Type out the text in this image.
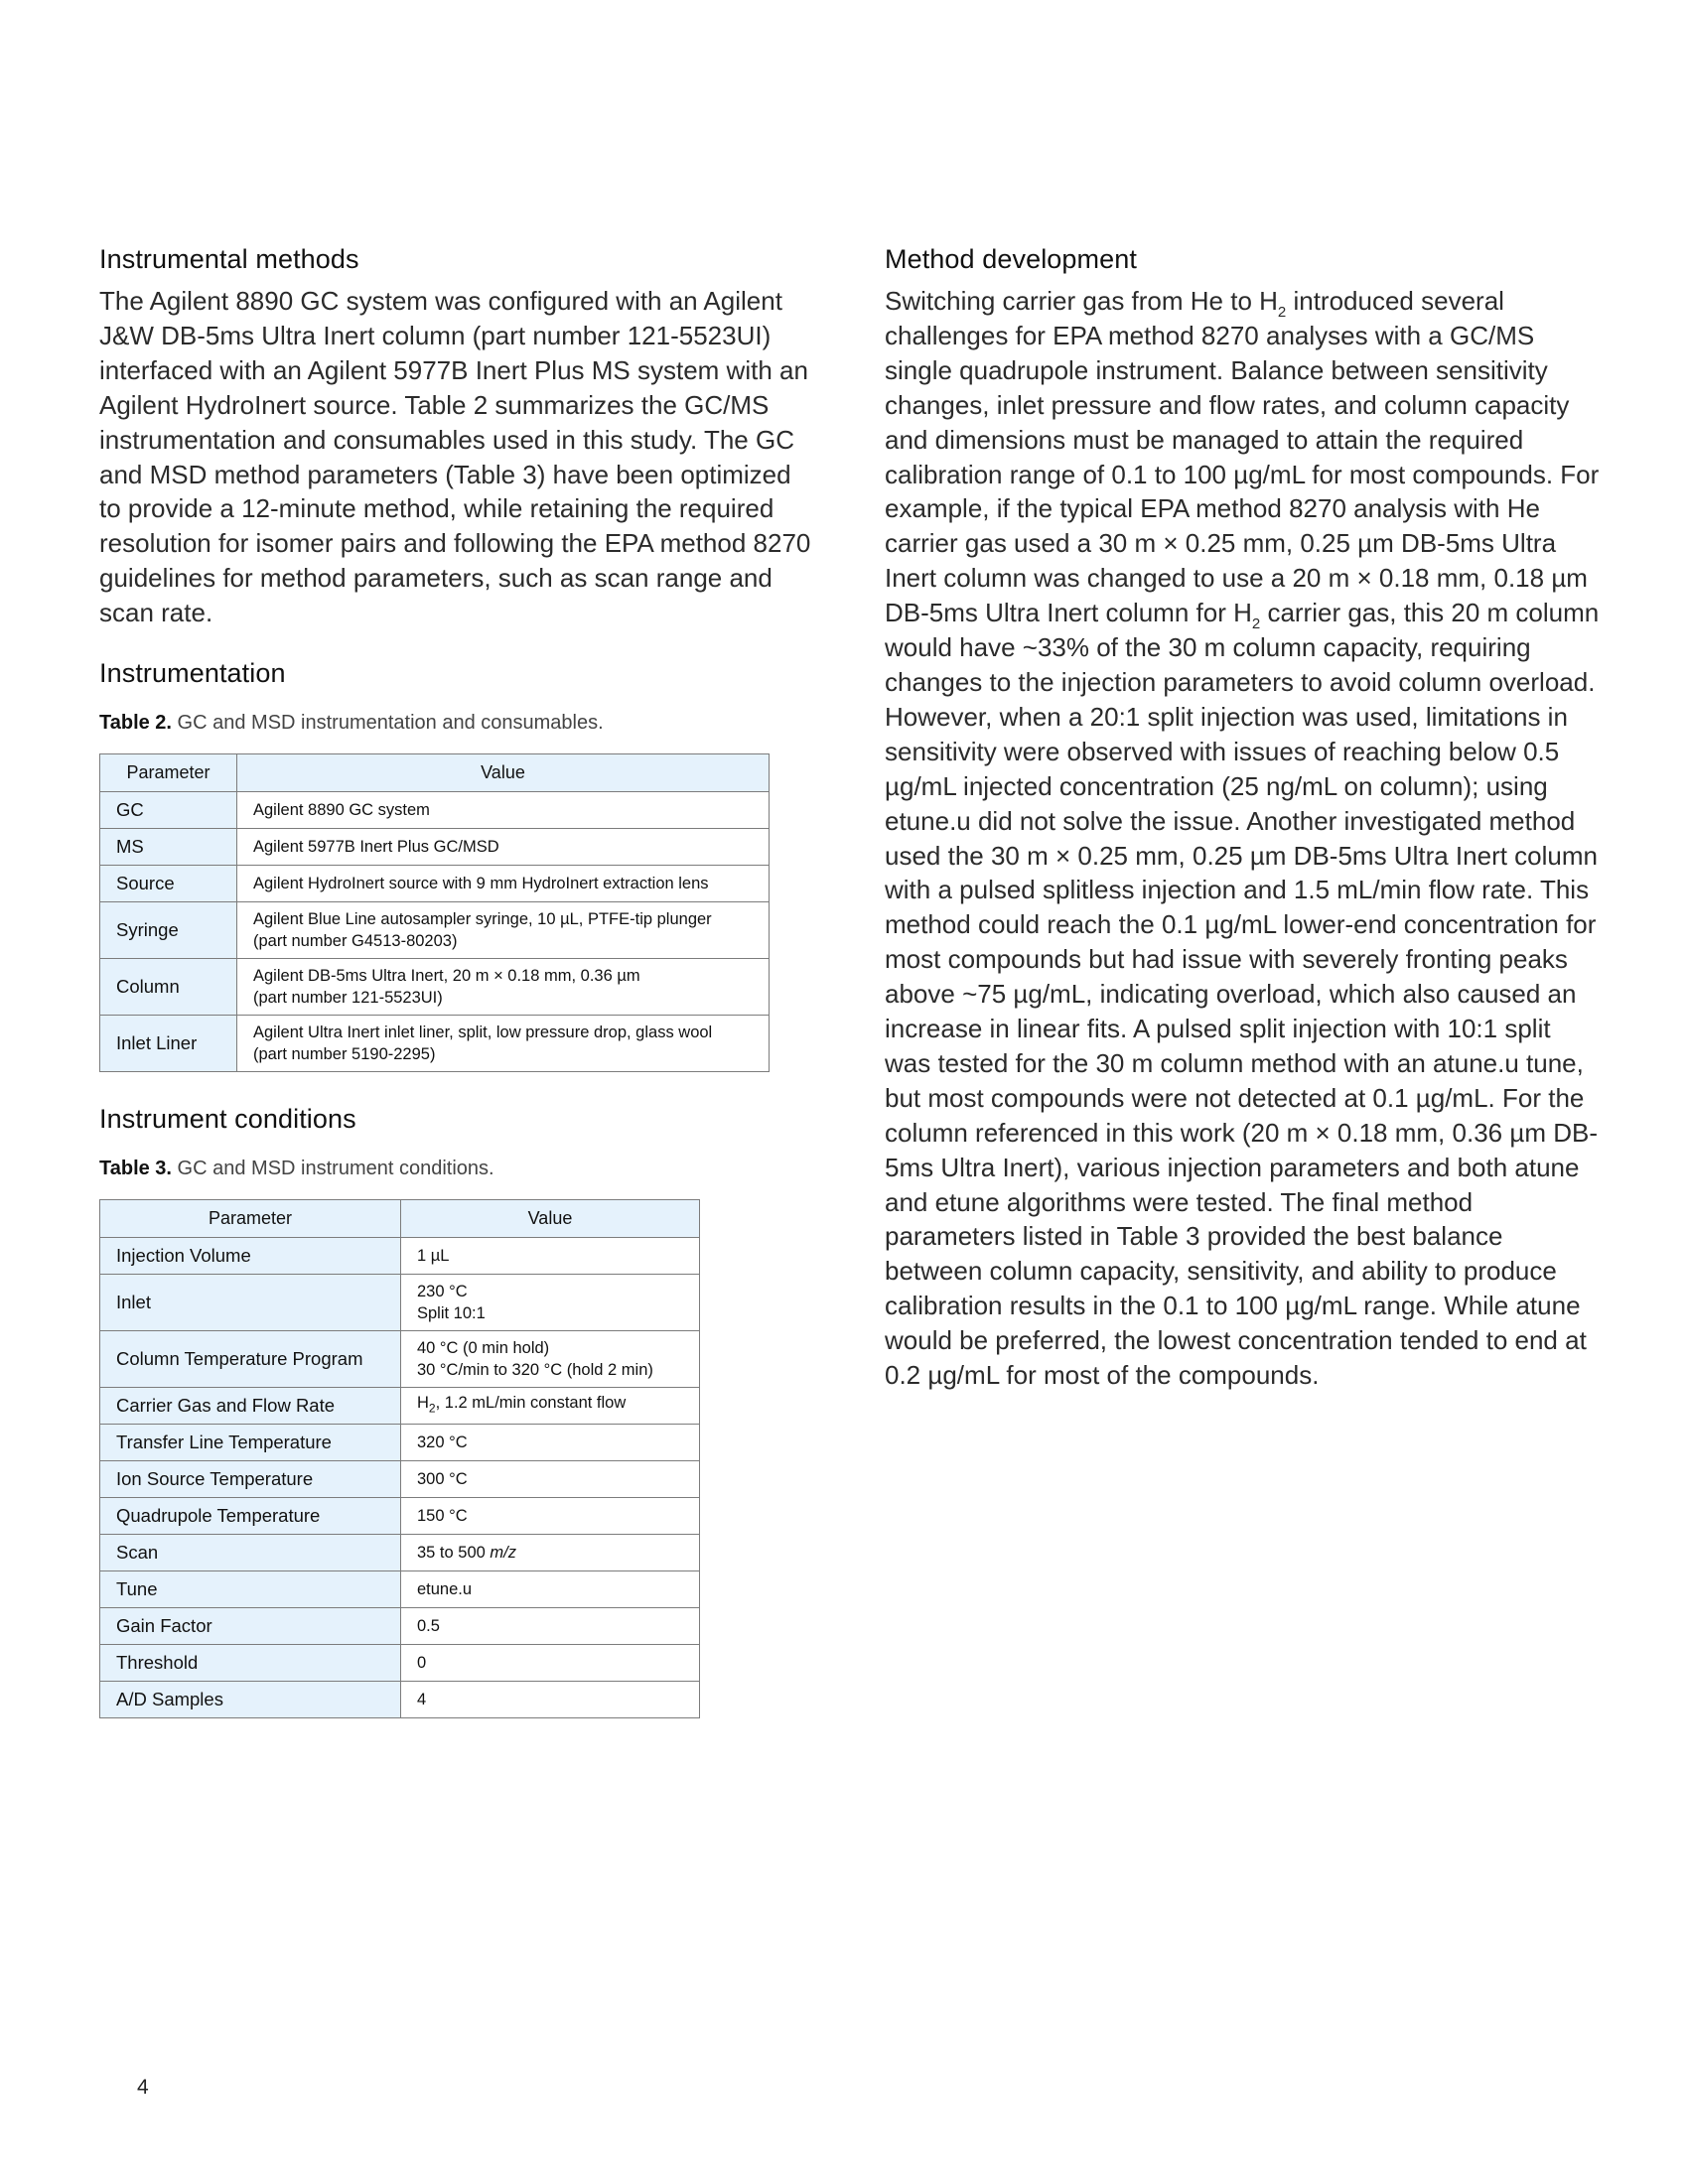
Instrumental methods

The Agilent 8890 GC system was configured with an Agilent J&W DB-5ms Ultra Inert column (part number 121-5523UI) interfaced with an Agilent 5977B Inert Plus MS system with an Agilent HydroInert source. Table 2 summarizes the GC/MS instrumentation and consumables used in this study. The GC and MSD method parameters (Table 3) have been optimized to provide a 12-minute method, while retaining the required resolution for isomer pairs and following the EPA method 8270 guidelines for method parameters, such as scan range and scan rate.

Instrumentation
Table 2. GC and MSD instrumentation and consumables.
Parameter	Value
GC	Agilent 8890 GC system
MS	Agilent 5977B Inert Plus GC/MSD
Source	Agilent HydroInert source with 9 mm HydroInert extraction lens
Syringe	Agilent Blue Line autosampler syringe, 10 µL, PTFE-tip plunger
(part number G4513-80203)
Column	Agilent DB-5ms Ultra Inert, 20 m × 0.18 mm, 0.36 µm
(part number 121-5523UI)
Inlet Liner	Agilent Ultra Inert inlet liner, split, low pressure drop, glass wool
(part number 5190-2295)
Instrument conditions
Table 3. GC and MSD instrument conditions.
Parameter	Value
Injection Volume	1 µL
Inlet	230 °C
Split 10:1
Column Temperature Program	40 °C (0 min hold)
30 °C/min to 320 °C (hold 2 min)
Carrier Gas and Flow Rate	$H_2$, 1.2 mL/min constant flow
Transfer Line Temperature	320 °C
Ion Source Temperature	300 °C
Quadrupole Temperature	150 °C
Scan	35 to 500 m/z
Tune	etune.u
Gain Factor	0.5
Threshold	0
A/D Samples	4
Method development

Switching carrier gas from He to $H_2$ introduced several challenges for EPA method 8270 analyses with a GC/MS single quadrupole instrument. Balance between sensitivity changes, inlet pressure and flow rates, and column capacity and dimensions must be managed to attain the required calibration range of 0.1 to 100 µg/mL for most compounds. For example, if the typical EPA method 8270 analysis with He carrier gas used a 30 m × 0.25 mm, 0.25 µm DB-5ms Ultra Inert column was changed to use a 20 m × 0.18 mm, 0.18 µm DB-5ms Ultra Inert column for $H_2$ carrier gas, this 20 m column would have ~33% of the 30 m column capacity, requiring changes to the injection parameters to avoid column overload. However, when a 20:1 split injection was used, limitations in sensitivity were observed with issues of reaching below 0.5 µg/mL injected concentration (25 ng/mL on column); using etune.u did not solve the issue. Another investigated method used the 30 m × 0.25 mm, 0.25 µm DB-5ms Ultra Inert column with a pulsed splitless injection and 1.5 mL/min flow rate. This method could reach the 0.1 µg/mL lower-end concentration for most compounds but had issue with severely fronting peaks above ~75 µg/mL, indicating overload, which also caused an increase in linear fits. A pulsed split injection with 10:1 split was tested for the 30 m column method with an atune.u tune, but most compounds were not detected at 0.1 µg/mL. For the column referenced in this work (20 m × 0.18 mm, 0.36 µm DB-5ms Ultra Inert), various injection parameters and both atune and etune algorithms were tested. The final method parameters listed in Table 3 provided the best balance between column capacity, sensitivity, and ability to produce calibration results in the 0.1 to 100 µg/mL range. While atune would be preferred, the lowest concentration tended to end at 0.2 µg/mL for most of the compounds.

4
